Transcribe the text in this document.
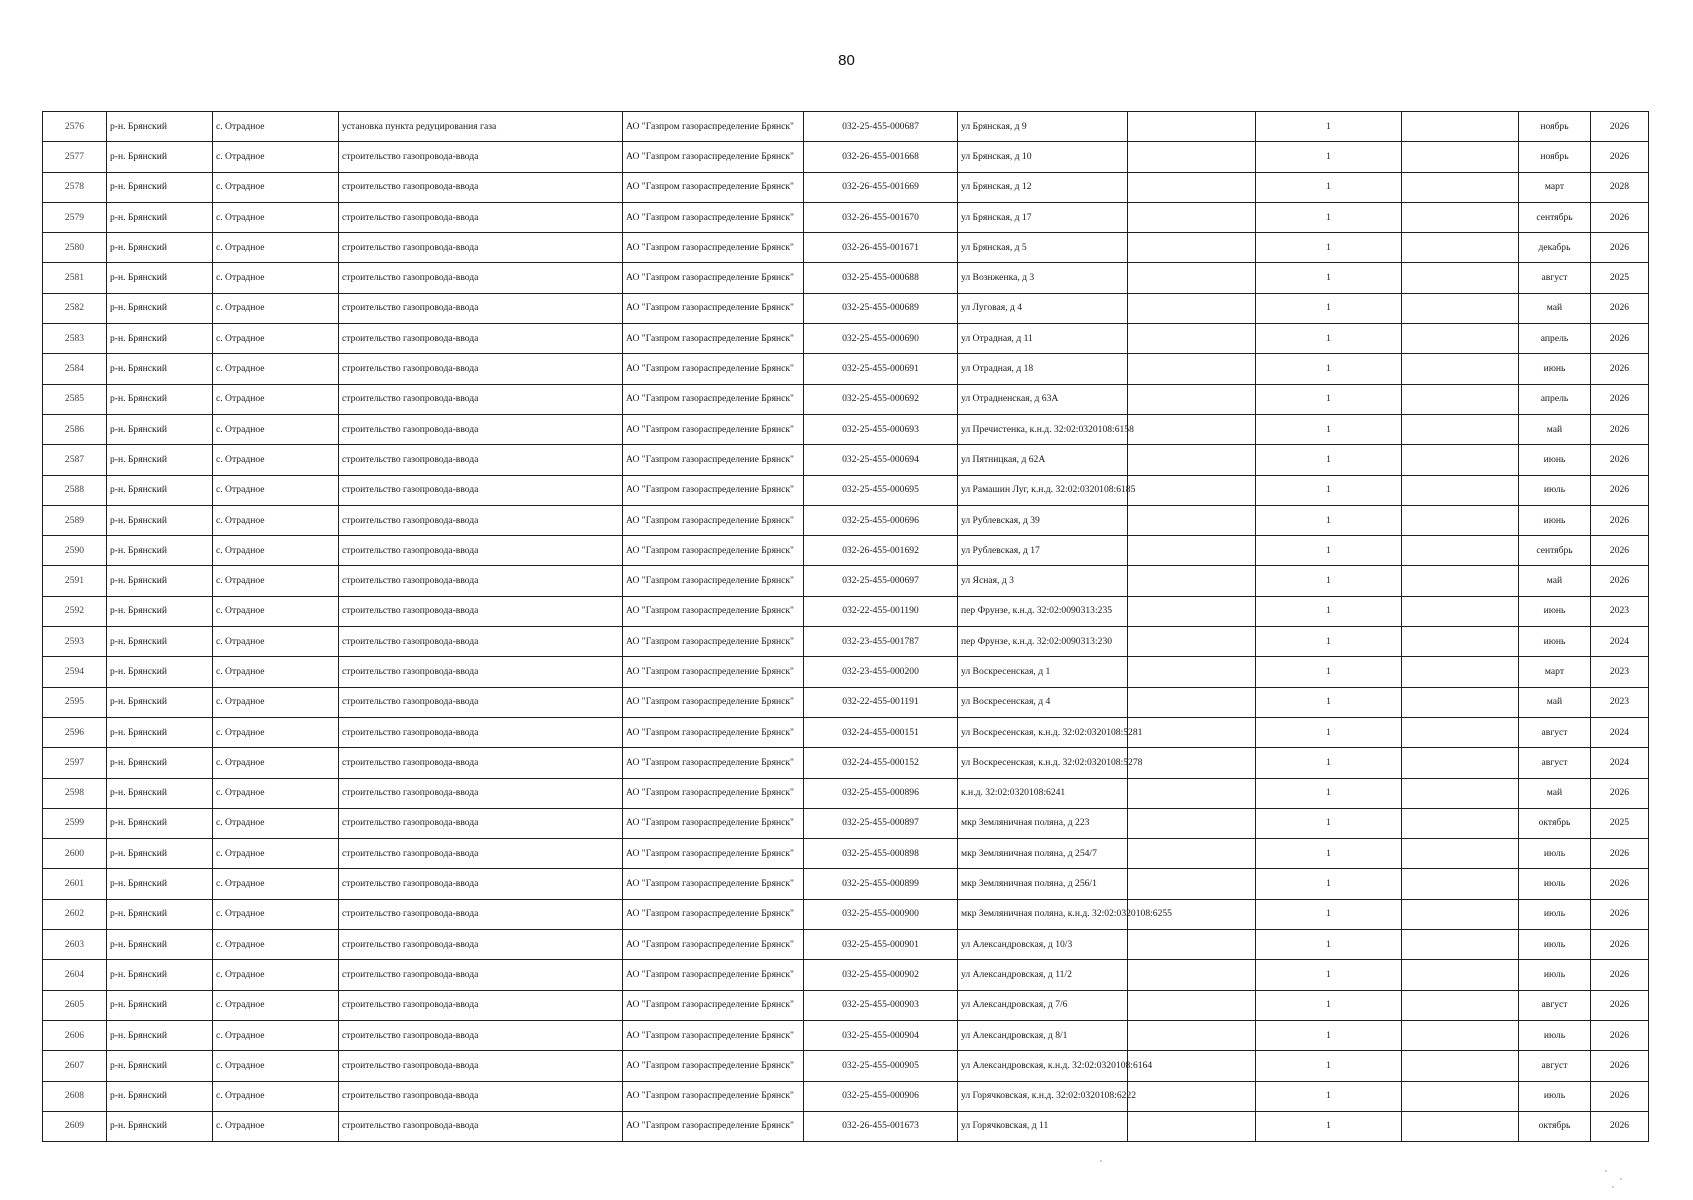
80
2576	р-н. Брянский	с. Отрадное	установка пункта редуцирования газа	АО "Газпром газораспределение Брянск"	032-25-455-000687	ул Брянская, д 9		1		ноябрь	2026
2577	р-н. Брянский	с. Отрадное	строительство газопровода-ввода	АО "Газпром газораспределение Брянск"	032-26-455-001668	ул Брянская, д 10		1		ноябрь	2026
2578	р-н. Брянский	с. Отрадное	строительство газопровода-ввода	АО "Газпром газораспределение Брянск"	032-26-455-001669	ул Брянская, д 12		1		март	2028
2579	р-н. Брянский	с. Отрадное	строительство газопровода-ввода	АО "Газпром газораспределение Брянск"	032-26-455-001670	ул Брянская, д 17		1		сентябрь	2026
2580	р-н. Брянский	с. Отрадное	строительство газопровода-ввода	АО "Газпром газораспределение Брянск"	032-26-455-001671	ул Брянская, д 5		1		декабрь	2026
2581	р-н. Брянский	с. Отрадное	строительство газопровода-ввода	АО "Газпром газораспределение Брянск"	032-25-455-000688	ул Вознженка, д 3		1		август	2025
2582	р-н. Брянский	с. Отрадное	строительство газопровода-ввода	АО "Газпром газораспределение Брянск"	032-25-455-000689	ул Луговая, д 4		1		май	2026
2583	р-н. Брянский	с. Отрадное	строительство газопровода-ввода	АО "Газпром газораспределение Брянск"	032-25-455-000690	ул Отрадная, д 11		1		апрель	2026
2584	р-н. Брянский	с. Отрадное	строительство газопровода-ввода	АО "Газпром газораспределение Брянск"	032-25-455-000691	ул Отрадная, д 18		1		июнь	2026
2585	р-н. Брянский	с. Отрадное	строительство газопровода-ввода	АО "Газпром газораспределение Брянск"	032-25-455-000692	ул Отрадненская, д 63А		1		апрель	2026
2586	р-н. Брянский	с. Отрадное	строительство газопровода-ввода	АО "Газпром газораспределение Брянск"	032-25-455-000693	ул Пречистенка, к.н.д. 32:02:0320108:6158		1		май	2026
2587	р-н. Брянский	с. Отрадное	строительство газопровода-ввода	АО "Газпром газораспределение Брянск"	032-25-455-000694	ул Пятницкая, д 62А		1		июнь	2026
2588	р-н. Брянский	с. Отрадное	строительство газопровода-ввода	АО "Газпром газораспределение Брянск"	032-25-455-000695	ул Рамашин Луг, к.н.д. 32:02:0320108:6185		1		июль	2026
2589	р-н. Брянский	с. Отрадное	строительство газопровода-ввода	АО "Газпром газораспределение Брянск"	032-25-455-000696	ул Рублевская, д 39		1		июнь	2026
2590	р-н. Брянский	с. Отрадное	строительство газопровода-ввода	АО "Газпром газораспределение Брянск"	032-26-455-001692	ул Рублевская, д 17		1		сентябрь	2026
2591	р-н. Брянский	с. Отрадное	строительство газопровода-ввода	АО "Газпром газораспределение Брянск"	032-25-455-000697	ул Ясная, д 3		1		май	2026
2592	р-н. Брянский	с. Отрадное	строительство газопровода-ввода	АО "Газпром газораспределение Брянск"	032-22-455-001190	пер Фрунзе, к.н.д. 32:02:0090313:235		1		июнь	2023
2593	р-н. Брянский	с. Отрадное	строительство газопровода-ввода	АО "Газпром газораспределение Брянск"	032-23-455-001787	пер Фрунзе, к.н.д. 32:02:0090313:230		1		июнь	2024
2594	р-н. Брянский	с. Отрадное	строительство газопровода-ввода	АО "Газпром газораспределение Брянск"	032-23-455-000200	ул Воскресенская, д 1		1		март	2023
2595	р-н. Брянский	с. Отрадное	строительство газопровода-ввода	АО "Газпром газораспределение Брянск"	032-22-455-001191	ул Воскресенская, д 4		1		май	2023
2596	р-н. Брянский	с. Отрадное	строительство газопровода-ввода	АО "Газпром газораспределение Брянск"	032-24-455-000151	ул Воскресенская, к.н.д. 32:02:0320108:5281		1		август	2024
2597	р-н. Брянский	с. Отрадное	строительство газопровода-ввода	АО "Газпром газораспределение Брянск"	032-24-455-000152	ул Воскресенская, к.н.д. 32:02:0320108:5278		1		август	2024
2598	р-н. Брянский	с. Отрадное	строительство газопровода-ввода	АО "Газпром газораспределение Брянск"	032-25-455-000896	к.н.д. 32:02:0320108:6241		1		май	2026
2599	р-н. Брянский	с. Отрадное	строительство газопровода-ввода	АО "Газпром газораспределение Брянск"	032-25-455-000897	мкр Земляничная поляна, д 223		1		октябрь	2025
2600	р-н. Брянский	с. Отрадное	строительство газопровода-ввода	АО "Газпром газораспределение Брянск"	032-25-455-000898	мкр Земляничная поляна, д 254/7		1		июль	2026
2601	р-н. Брянский	с. Отрадное	строительство газопровода-ввода	АО "Газпром газораспределение Брянск"	032-25-455-000899	мкр Земляничная поляна, д 256/1		1		июль	2026
2602	р-н. Брянский	с. Отрадное	строительство газопровода-ввода	АО "Газпром газораспределение Брянск"	032-25-455-000900	мкр Земляничная поляна, к.н.д. 32:02:0320108:6255		1		июль	2026
2603	р-н. Брянский	с. Отрадное	строительство газопровода-ввода	АО "Газпром газораспределение Брянск"	032-25-455-000901	ул Александровская, д 10/3		1		июль	2026
2604	р-н. Брянский	с. Отрадное	строительство газопровода-ввода	АО "Газпром газораспределение Брянск"	032-25-455-000902	ул Александровская, д 11/2		1		июль	2026
2605	р-н. Брянский	с. Отрадное	строительство газопровода-ввода	АО "Газпром газораспределение Брянск"	032-25-455-000903	ул Александровская, д 7/6		1		август	2026
2606	р-н. Брянский	с. Отрадное	строительство газопровода-ввода	АО "Газпром газораспределение Брянск"	032-25-455-000904	ул Александровская, д 8/1		1		июль	2026
2607	р-н. Брянский	с. Отрадное	строительство газопровода-ввода	АО "Газпром газораспределение Брянск"	032-25-455-000905	ул Александровская, к.н.д. 32:02:0320108:6164		1		август	2026
2608	р-н. Брянский	с. Отрадное	строительство газопровода-ввода	АО "Газпром газораспределение Брянск"	032-25-455-000906	ул Горячковская, к.н.д. 32:02:0320108:6222		1		июль	2026
2609	р-н. Брянский	с. Отрадное	строительство газопровода-ввода	АО "Газпром газораспределение Брянск"	032-26-455-001673	ул Горячковская, д 11		1		октябрь	2026
